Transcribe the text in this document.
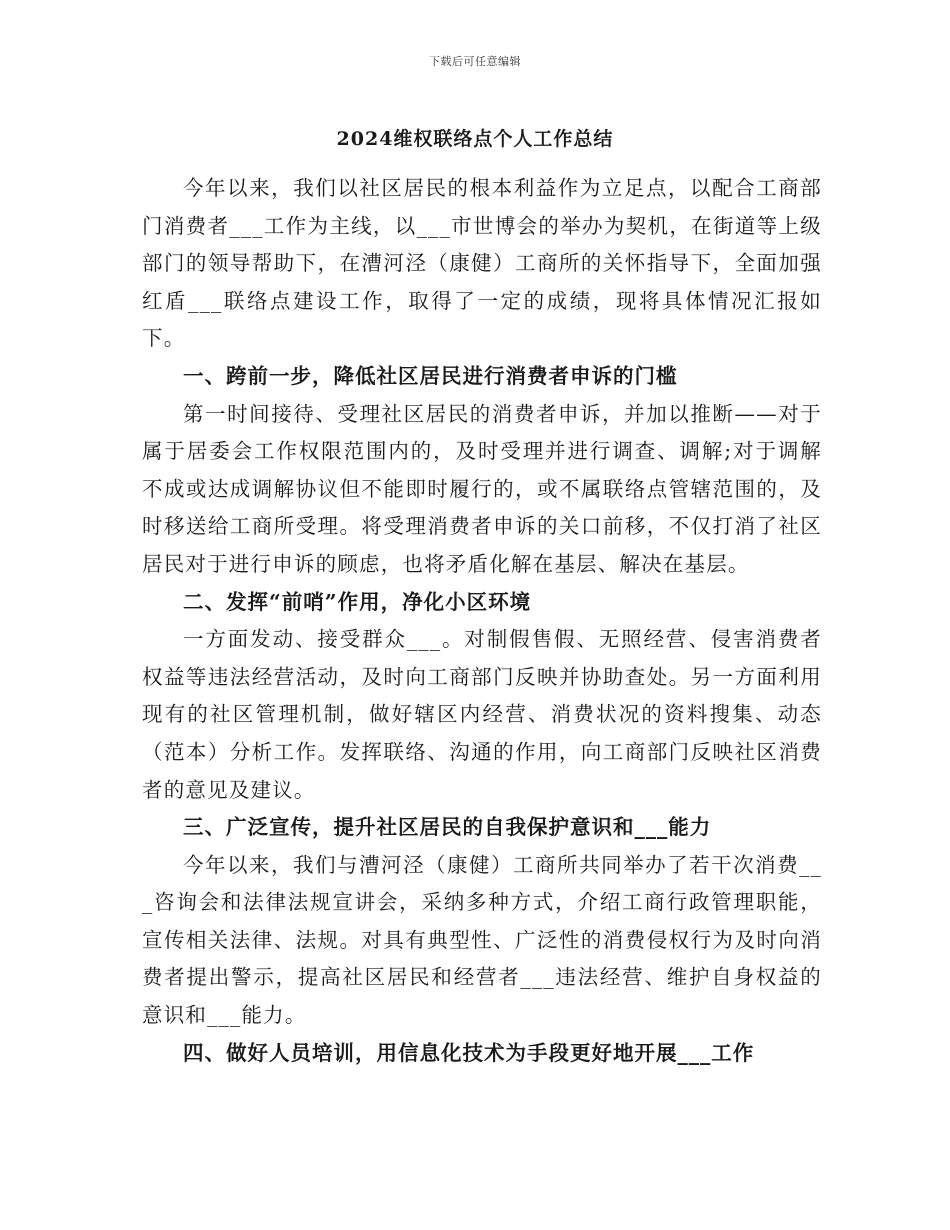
下载后可任意编辑
2024维权联络点个人工作总结

今年以来，我们以社区居民的根本利益作为立足点，以配合工商部门消费者___工作为主线，以___市世博会的举办为契机，在街道等上级部门的领导帮助下，在漕河泾（康健）工商所的关怀指导下，全面加强红盾___联络点建设工作，取得了一定的成绩，现将具体情况汇报如下。

一、跨前一步，降低社区居民进行消费者申诉的门槛

第一时间接待、受理社区居民的消费者申诉，并加以推断——对于属于居委会工作权限范围内的，及时受理并进行调查、调解;对于调解不成或达成调解协议但不能即时履行的，或不属联络点管辖范围的，及时移送给工商所受理。将受理消费者申诉的关口前移，不仅打消了社区居民对于进行申诉的顾虑，也将矛盾化解在基层、解决在基层。

二、发挥“前哨”作用，净化小区环境

一方面发动、接受群众___。对制假售假、无照经营、侵害消费者权益等违法经营活动，及时向工商部门反映并协助查处。另一方面利用现有的社区管理机制，做好辖区内经营、消费状况的资料搜集、动态（范本）分析工作。发挥联络、沟通的作用，向工商部门反映社区消费者的意见及建议。

三、广泛宣传，提升社区居民的自我保护意识和___能力

今年以来，我们与漕河泾（康健）工商所共同举办了若干次消费___咨询会和法律法规宣讲会，采纳多种方式，介绍工商行政管理职能，宣传相关法律、法规。对具有典型性、广泛性的消费侵权行为及时向消费者提出警示，提高社区居民和经营者___违法经营、维护自身权益的意识和___能力。

四、做好人员培训，用信息化技术为手段更好地开展___工作
